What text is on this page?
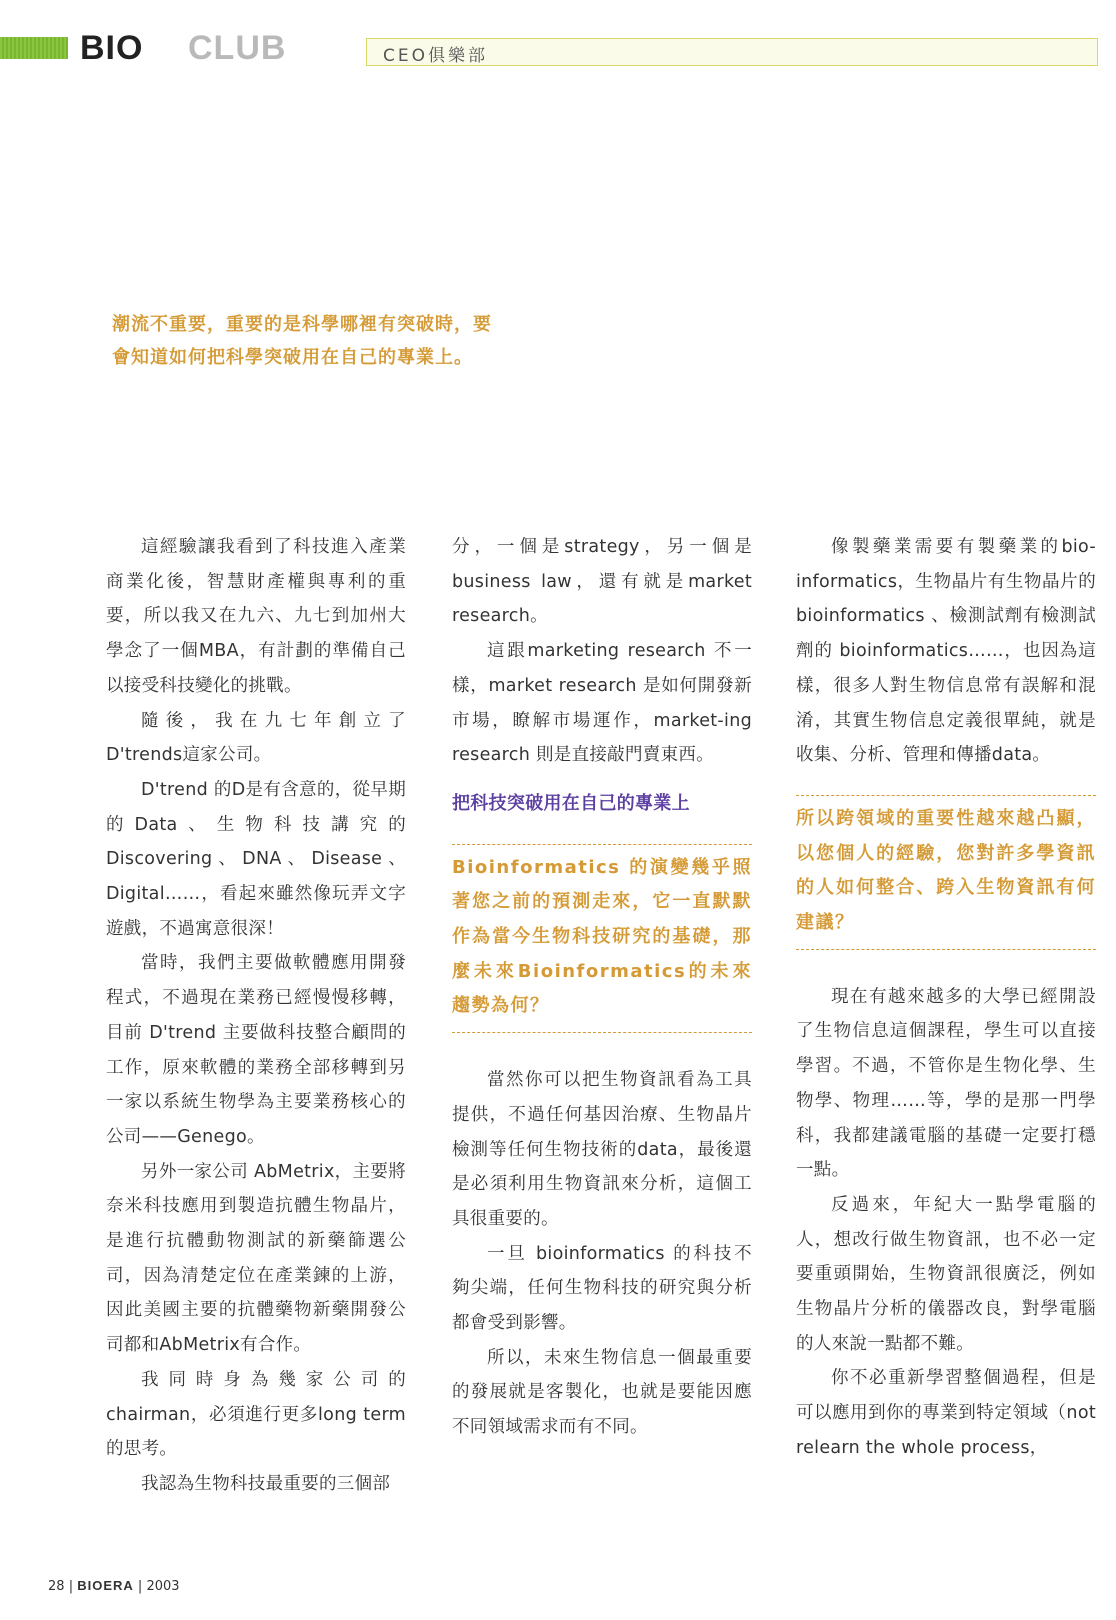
BIO CLUB	CEO俱樂部

潮流不重要，重要的是科學哪裡有突破時，要

會知道如何把科學突破用在自己的專業上。

這經驗讓我看到了科技進入產業商業化後，智慧財產權與專利的重要，所以我又在九六、九七到加州大學念了一個MBA，有計劃的準備自己以接受科技變化的挑戰。

隨後，我在九七年創立了D'trends這家公司。

D'trend 的D是有含意的，從早期的Data、生物科技講究的Discovering、DNA、Disease、Digital……，看起來雖然像玩弄文字遊戲，不過寓意很深！

當時，我們主要做軟體應用開發程式，不過現在業務已經慢慢移轉，目前 D'trend 主要做科技整合顧問的工作，原來軟體的業務全部移轉到另一家以系統生物學為主要業務核心的公司——Genego。

另外一家公司 AbMetrix，主要將奈米科技應用到製造抗體生物晶片，是進行抗體動物測試的新藥篩選公司，因為清楚定位在產業鍊的上游，因此美國主要的抗體藥物新藥開發公司都和AbMetrix有合作。

我同時身為幾家公司的chairman，必須進行更多long term的思考。

我認為生物科技最重要的三個部

分，一個是strategy，另一個是business law，還有就是market research。

這跟marketing research 不一樣，market research 是如何開發新市場，瞭解市場運作，market-ing research 則是直接敲門賣東西。

把科技突破用在自己的專業上

Bioinformatics 的演變幾乎照著您之前的預測走來，它一直默默作為當今生物科技研究的基礎，那麼未來Bioinformatics的未來趨勢為何？

當然你可以把生物資訊看為工具提供，不過任何基因治療、生物晶片檢測等任何生物技術的data，最後還是必須利用生物資訊來分析，這個工具很重要的。

一旦 bioinformatics 的科技不夠尖端，任何生物科技的研究與分析都會受到影響。

所以，未來生物信息一個最重要的發展就是客製化，也就是要能因應不同領域需求而有不同。

像製藥業需要有製藥業的bio-informatics，生物晶片有生物晶片的 bioinformatics 、檢測試劑有檢測試劑的 bioinformatics……，也因為這樣，很多人對生物信息常有誤解和混淆，其實生物信息定義很單純，就是收集、分析、管理和傳播data。

所以跨領域的重要性越來越凸顯，以您個人的經驗，您對許多學資訊的人如何整合、跨入生物資訊有何建議？

現在有越來越多的大學已經開設了生物信息這個課程，學生可以直接學習。不過，不管你是生物化學、生物學、物理……等，學的是那一門學科，我都建議電腦的基礎一定要打穩一點。

反過來，年紀大一點學電腦的人，想改行做生物資訊，也不必一定要重頭開始，生物資訊很廣泛，例如生物晶片分析的儀器改良，對學電腦的人來說一點都不難。

你不必重新學習整個過程，但是可以應用到你的專業到特定領域（not relearn the whole process，

28 | BIOERA | 2003
